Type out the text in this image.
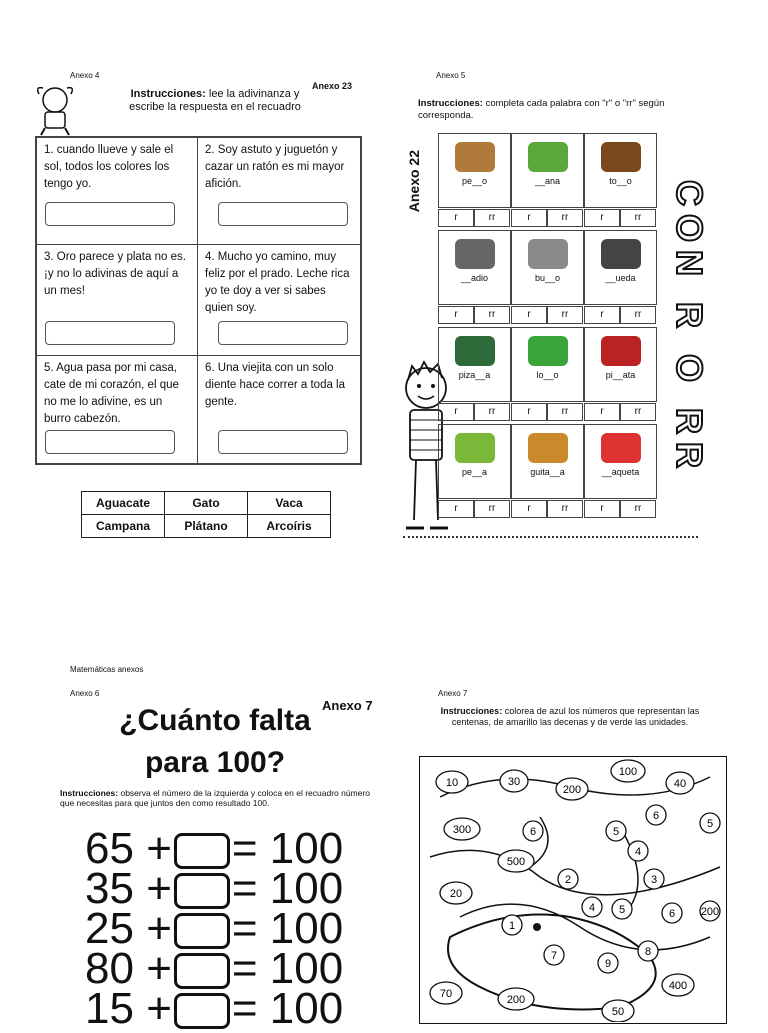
Anexo 4
Anexo 23
Instrucciones: lee la adivinanza y escribe la respuesta en el recuadro
1. cuando llueve y sale el sol, todos los colores los tengo yo.
2. Soy astuto y juguetón y cazar un ratón es mi mayor afición.
3. Oro parece y plata no es. ¡y no lo adivinas de aquí a un mes!
4. Mucho yo camino, muy feliz por el prado. Leche rica yo te doy a ver si sabes quien soy.
5. Agua pasa por mi casa, cate de mi corazón, el que no me lo adivine, es un burro cabezón.
6. Una viejita con un solo diente hace correr a toda la gente.
Aguacate	Gato	Vaca
Campana	Plátano	Arcoíris
Anexo 5
Instrucciones: completa cada palabra con "r" o "rr" según corresponda.
Anexo 22	pe__o
r	rr
__ana
r	rr
to__o
r	rr
__adio
r	rr
bu__o
r	rr
__ueda
r	rr
piza__a
r	rr
lo__o
r	rr
pi__ata
r	rr
pe__a
r	rr
guita__a
r	rr
__aqueta
r	rr
CON R O RR
Matemáticas anexos
Anexo 6
Anexo 7
¿Cuánto falta
para 100?
Instrucciones: observa el número de la izquierda y coloca en el recuadro número que necesitas para que juntos den como resultado 100.
65 + = 100
35 + = 100
25 + = 100
80 + = 100
15 + = 100
Anexo 7
Instrucciones: colorea de azul los números que representan las centenas, de amarillo las decenas y de verde las unidades.
10	30
100
40
200
300	6	5
6
5
500
4
20
2	3
4 5	6 200
1
7
9
8
70	200
400
50
